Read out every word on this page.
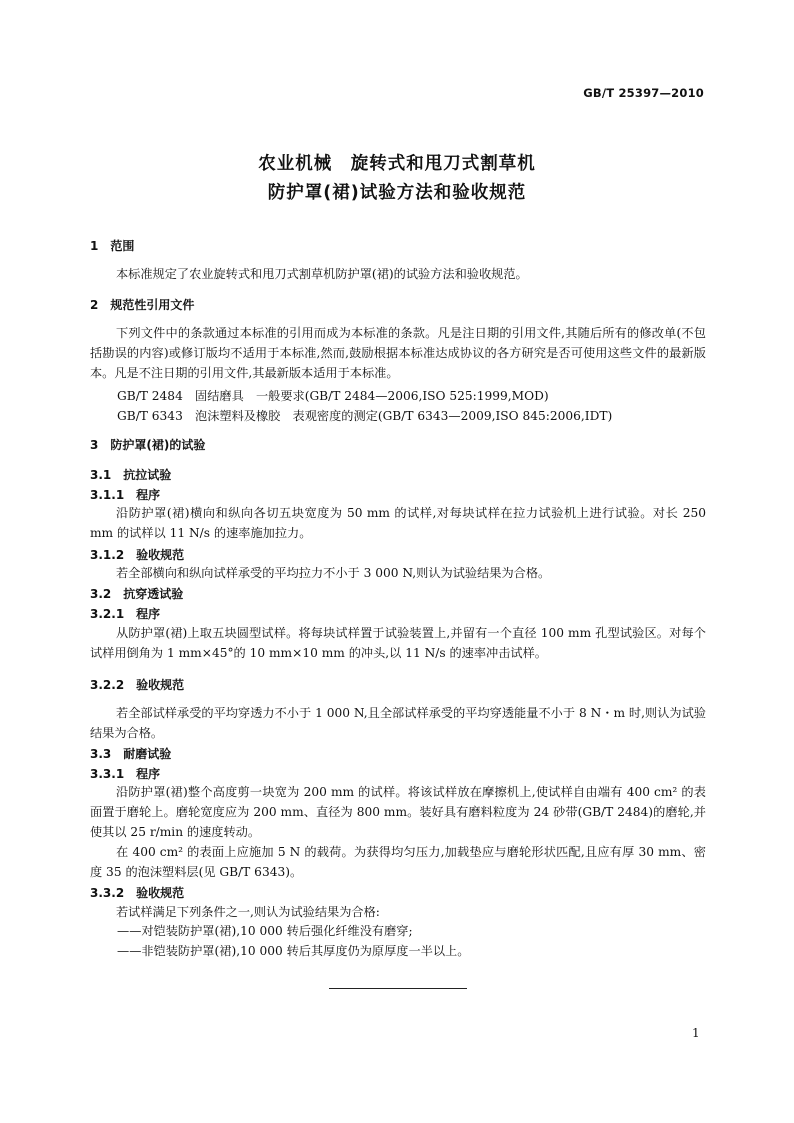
GB/T 25397—2010
农业机械　旋转式和甩刀式割草机
防护罩(裙)试验方法和验收规范
1　范围
本标准规定了农业旋转式和甩刀式割草机防护罩(裙)的试验方法和验收规范。
2　规范性引用文件
下列文件中的条款通过本标准的引用而成为本标准的条款。凡是注日期的引用文件,其随后所有的修改单(不包括勘误的内容)或修订版均不适用于本标准,然而,鼓励根据本标准达成协议的各方研究是否可使用这些文件的最新版本。凡是不注日期的引用文件,其最新版本适用于本标准。
GB/T 2484　固结磨具　一般要求(GB/T 2484—2006,ISO 525:1999,MOD)
GB/T 6343　泡沫塑料及橡胶　表观密度的测定(GB/T 6343—2009,ISO 845:2006,IDT)
3　防护罩(裙)的试验
3.1　抗拉试验
3.1.1　程序
沿防护罩(裙)横向和纵向各切五块宽度为 50 mm 的试样,对每块试样在拉力试验机上进行试验。对长 250 mm 的试样以 11 N/s 的速率施加拉力。
3.1.2　验收规范
若全部横向和纵向试样承受的平均拉力不小于 3 000 N,则认为试验结果为合格。
3.2　抗穿透试验
3.2.1　程序
从防护罩(裙)上取五块圆型试样。将每块试样置于试验装置上,并留有一个直径 100 mm 孔型试验区。对每个试样用倒角为 1 mm×45°的 10 mm×10 mm 的冲头,以 11 N/s 的速率冲击试样。
3.2.2　验收规范
若全部试样承受的平均穿透力不小于 1 000 N,且全部试样承受的平均穿透能量不小于 8 N・m 时,则认为试验结果为合格。
3.3　耐磨试验
3.3.1　程序
沿防护罩(裙)整个高度剪一块宽为 200 mm 的试样。将该试样放在摩擦机上,使试样自由端有 400 cm² 的表面置于磨轮上。磨轮宽度应为 200 mm、直径为 800 mm。装好具有磨料粒度为 24 砂带(GB/T 2484)的磨轮,并使其以 25 r/min 的速度转动。
在 400 cm² 的表面上应施加 5 N 的载荷。为获得均匀压力,加载垫应与磨轮形状匹配,且应有厚 30 mm、密度 35 的泡沫塑料层(见 GB/T 6343)。
3.3.2　验收规范
若试样满足下列条件之一,则认为试验结果为合格:
——对铠装防护罩(裙),10 000 转后强化纤维没有磨穿;
——非铠装防护罩(裙),10 000 转后其厚度仍为原厚度一半以上。
1
